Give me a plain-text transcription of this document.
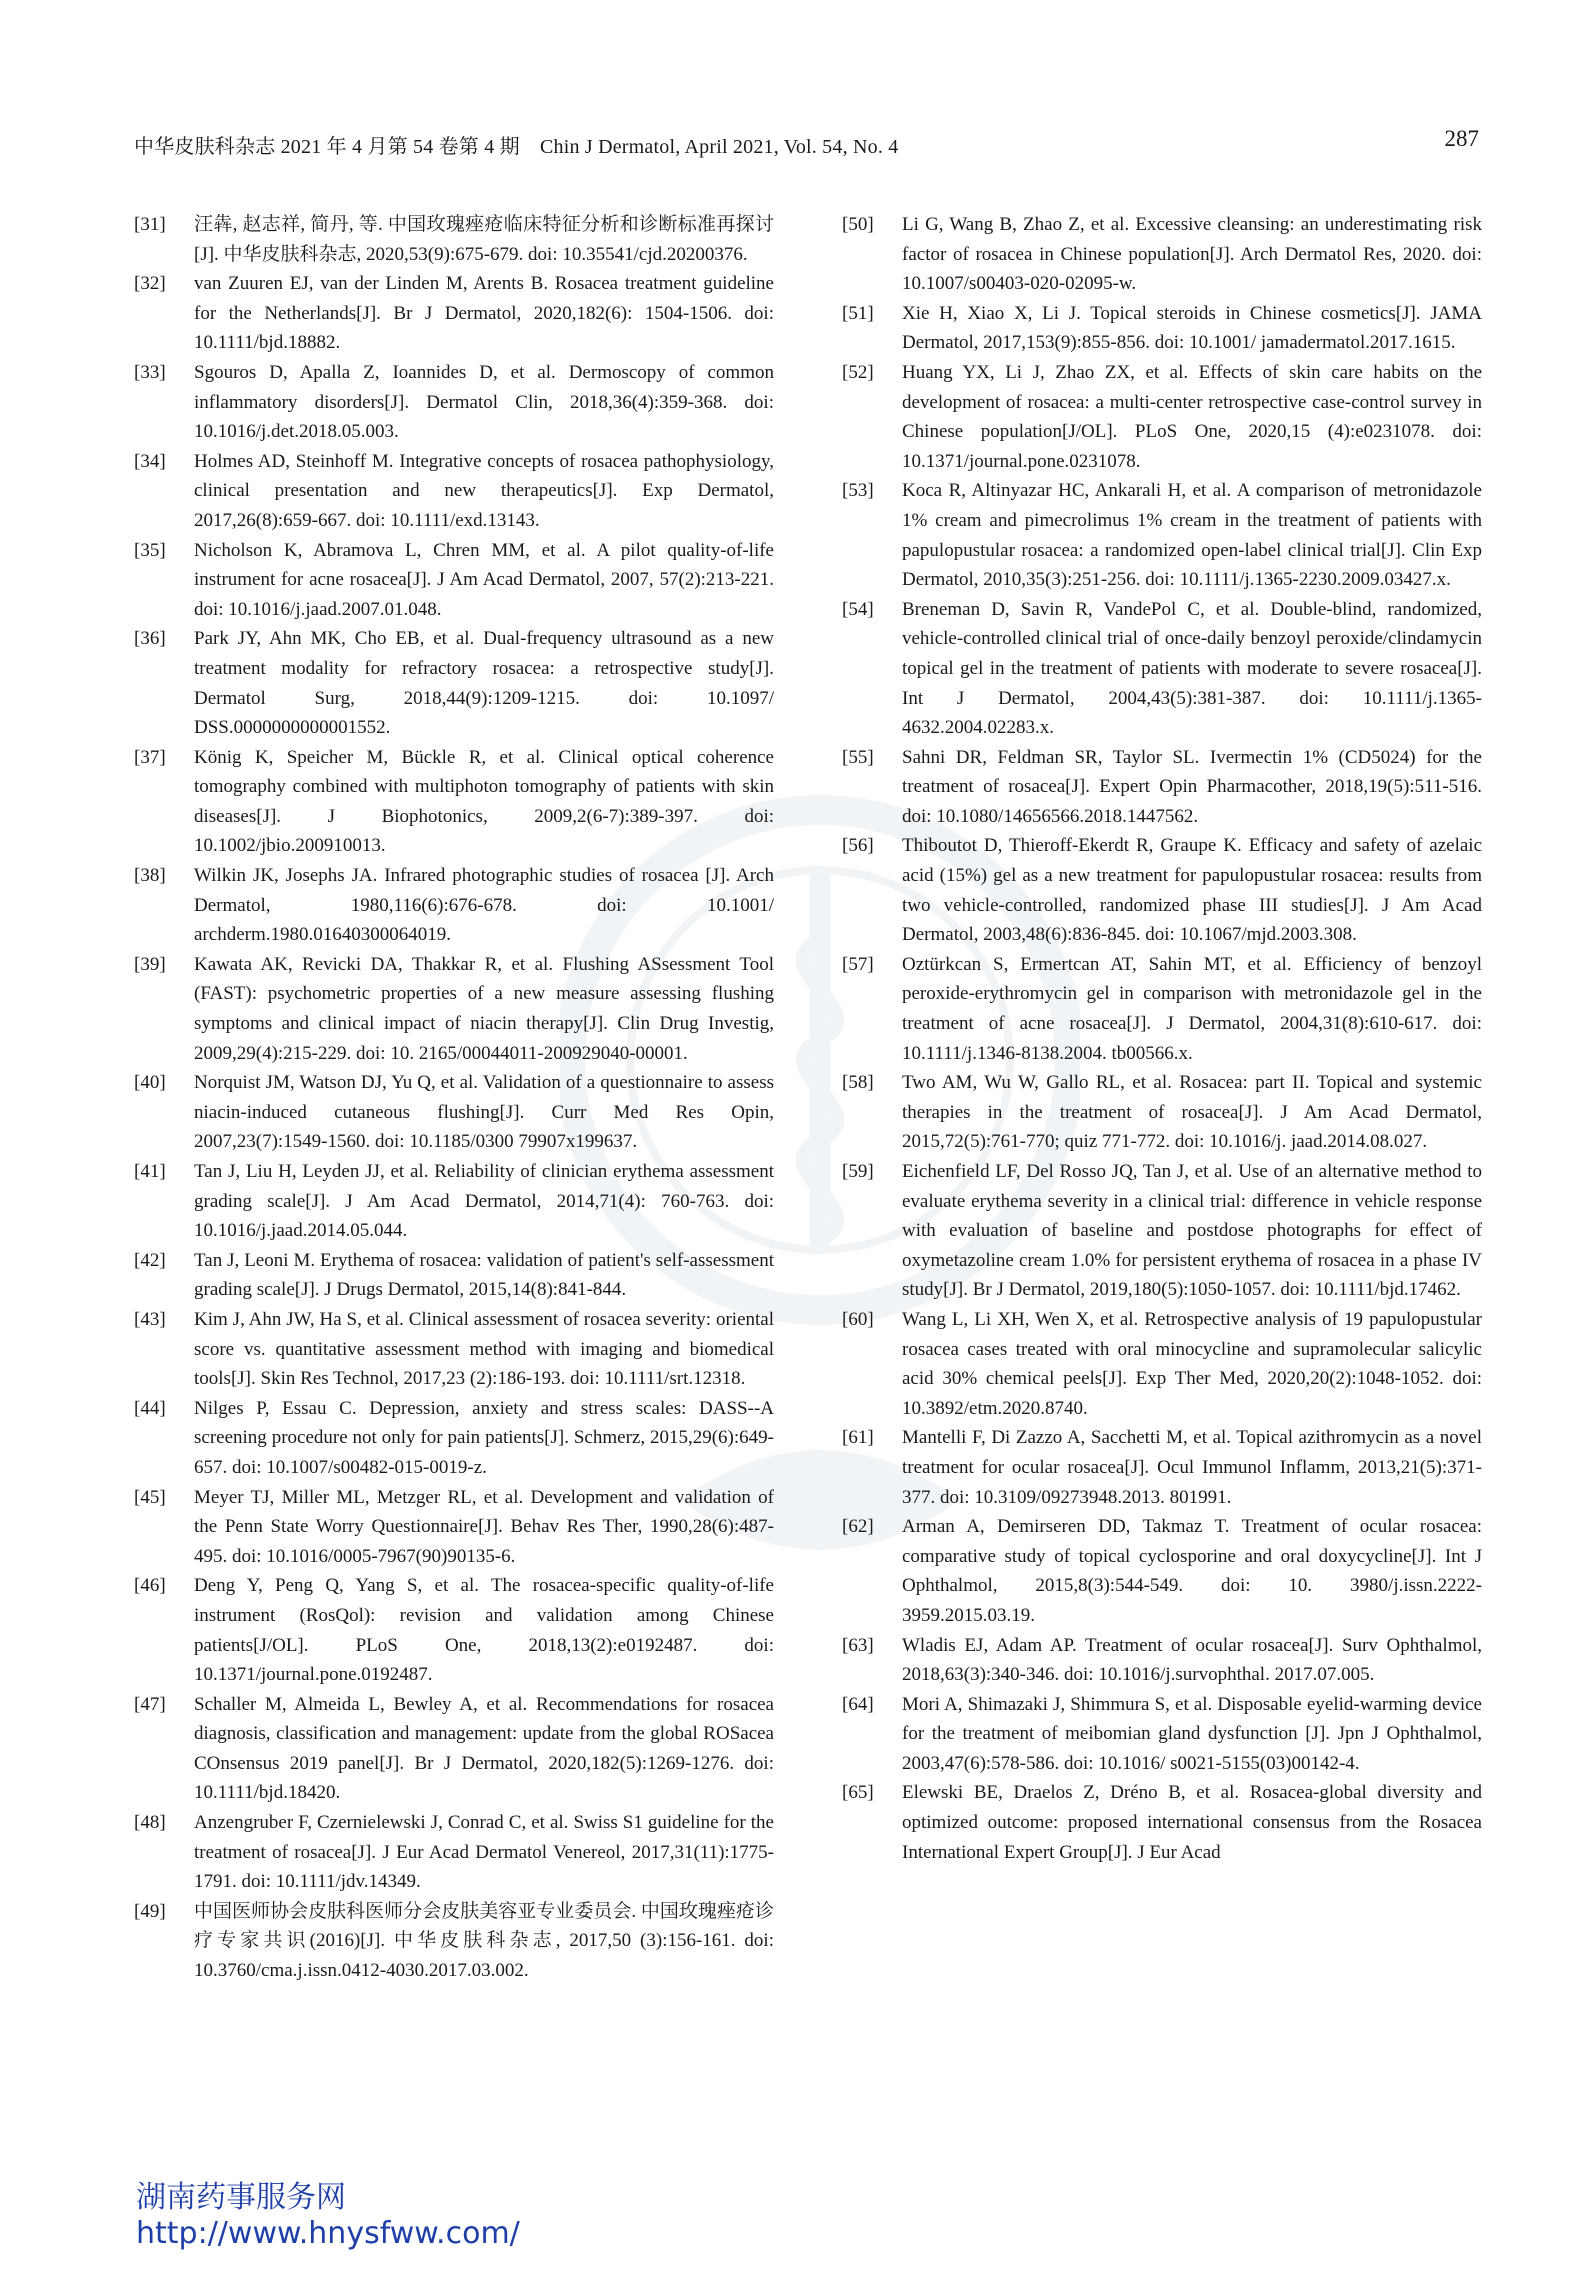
中华皮肤科杂志 2021 年 4 月第 54 卷第 4 期　Chin J Dermatol, April 2021, Vol. 54, No. 4	287
[31]	汪犇, 赵志祥, 简丹, 等. 中国玫瑰痤疮临床特征分析和诊断标准再探讨[J]. 中华皮肤科杂志, 2020,53(9):675-679. doi: 10.35541/cjd.20200376.
[32]	van Zuuren EJ, van der Linden M, Arents B. Rosacea treatment guideline for the Netherlands[J]. Br J Dermatol, 2020,182(6): 1504-1506. doi: 10.1111/bjd.18882.
[33]	Sgouros D, Apalla Z, Ioannides D, et al. Dermoscopy of common inflammatory disorders[J]. Dermatol Clin, 2018,36(4):359-368. doi: 10.1016/j.det.2018.05.003.
[34]	Holmes AD, Steinhoff M. Integrative concepts of rosacea pathophysiology, clinical presentation and new therapeutics[J]. Exp Dermatol, 2017,26(8):659-667. doi: 10.1111/exd.13143.
[35]	Nicholson K, Abramova L, Chren MM, et al. A pilot quality-of-life instrument for acne rosacea[J]. J Am Acad Dermatol, 2007, 57(2):213-221. doi: 10.1016/j.jaad.2007.01.048.
[36]	Park JY, Ahn MK, Cho EB, et al. Dual-frequency ultrasound as a new treatment modality for refractory rosacea: a retrospective study[J]. Dermatol Surg, 2018,44(9):1209-1215. doi: 10.1097/ DSS.0000000000001552.
[37]	König K, Speicher M, Bückle R, et al. Clinical optical coherence tomography combined with multiphoton tomography of patients with skin diseases[J]. J Biophotonics, 2009,2(6-7):389-397. doi: 10.1002/jbio.200910013.
[38]	Wilkin JK, Josephs JA. Infrared photographic studies of rosacea [J]. Arch Dermatol, 1980,116(6):676-678. doi: 10.1001/ archderm.1980.01640300064019.
[39]	Kawata AK, Revicki DA, Thakkar R, et al. Flushing ASsessment Tool (FAST): psychometric properties of a new measure assessing flushing symptoms and clinical impact of niacin therapy[J]. Clin Drug Investig, 2009,29(4):215-229. doi: 10. 2165/00044011-200929040-00001.
[40]	Norquist JM, Watson DJ, Yu Q, et al. Validation of a questionnaire to assess niacin-induced cutaneous flushing[J]. Curr Med Res Opin, 2007,23(7):1549-1560. doi: 10.1185/0300 79907x199637.
[41]	Tan J, Liu H, Leyden JJ, et al. Reliability of clinician erythema assessment grading scale[J]. J Am Acad Dermatol, 2014,71(4): 760-763. doi: 10.1016/j.jaad.2014.05.044.
[42]	Tan J, Leoni M. Erythema of rosacea: validation of patient's self-assessment grading scale[J]. J Drugs Dermatol, 2015,14(8):841-844.
[43]	Kim J, Ahn JW, Ha S, et al. Clinical assessment of rosacea severity: oriental score vs. quantitative assessment method with imaging and biomedical tools[J]. Skin Res Technol, 2017,23 (2):186-193. doi: 10.1111/srt.12318.
[44]	Nilges P, Essau C. Depression, anxiety and stress scales: DASS--A screening procedure not only for pain patients[J]. Schmerz, 2015,29(6):649-657. doi: 10.1007/s00482-015-0019-z.
[45]	Meyer TJ, Miller ML, Metzger RL, et al. Development and validation of the Penn State Worry Questionnaire[J]. Behav Res Ther, 1990,28(6):487-495. doi: 10.1016/0005-7967(90)90135-6.
[46]	Deng Y, Peng Q, Yang S, et al. The rosacea-specific quality-of-life instrument (RosQol): revision and validation among Chinese patients[J/OL]. PLoS One, 2018,13(2):e0192487. doi: 10.1371/journal.pone.0192487.
[47]	Schaller M, Almeida L, Bewley A, et al. Recommendations for rosacea diagnosis, classification and management: update from the global ROSacea COnsensus 2019 panel[J]. Br J Dermatol, 2020,182(5):1269-1276. doi: 10.1111/bjd.18420.
[48]	Anzengruber F, Czernielewski J, Conrad C, et al. Swiss S1 guideline for the treatment of rosacea[J]. J Eur Acad Dermatol Venereol, 2017,31(11):1775-1791. doi: 10.1111/jdv.14349.
[49]	中国医师协会皮肤科医师分会皮肤美容亚专业委员会. 中国玫瑰痤疮诊疗专家共识(2016)[J]. 中华皮肤科杂志, 2017,50 (3):156-161. doi: 10.3760/cma.j.issn.0412-4030.2017.03.002.
[50]	Li G, Wang B, Zhao Z, et al. Excessive cleansing: an underestimating risk factor of rosacea in Chinese population[J]. Arch Dermatol Res, 2020. doi: 10.1007/s00403-020-02095-w.
[51]	Xie H, Xiao X, Li J. Topical steroids in Chinese cosmetics[J]. JAMA Dermatol, 2017,153(9):855-856. doi: 10.1001/ jamadermatol.2017.1615.
[52]	Huang YX, Li J, Zhao ZX, et al. Effects of skin care habits on the development of rosacea: a multi-center retrospective case-control survey in Chinese population[J/OL]. PLoS One, 2020,15 (4):e0231078. doi: 10.1371/journal.pone.0231078.
[53]	Koca R, Altinyazar HC, Ankarali H, et al. A comparison of metronidazole 1% cream and pimecrolimus 1% cream in the treatment of patients with papulopustular rosacea: a randomized open-label clinical trial[J]. Clin Exp Dermatol, 2010,35(3):251-256. doi: 10.1111/j.1365-2230.2009.03427.x.
[54]	Breneman D, Savin R, VandePol C, et al. Double-blind, randomized, vehicle-controlled clinical trial of once-daily benzoyl peroxide/clindamycin topical gel in the treatment of patients with moderate to severe rosacea[J]. Int J Dermatol, 2004,43(5):381-387. doi: 10.1111/j.1365-4632.2004.02283.x.
[55]	Sahni DR, Feldman SR, Taylor SL. Ivermectin 1% (CD5024) for the treatment of rosacea[J]. Expert Opin Pharmacother, 2018,19(5):511-516. doi: 10.1080/14656566.2018.1447562.
[56]	Thiboutot D, Thieroff-Ekerdt R, Graupe K. Efficacy and safety of azelaic acid (15%) gel as a new treatment for papulopustular rosacea: results from two vehicle-controlled, randomized phase III studies[J]. J Am Acad Dermatol, 2003,48(6):836-845. doi: 10.1067/mjd.2003.308.
[57]	Oztürkcan S, Ermertcan AT, Sahin MT, et al. Efficiency of benzoyl peroxide-erythromycin gel in comparison with metronidazole gel in the treatment of acne rosacea[J]. J Dermatol, 2004,31(8):610-617. doi: 10.1111/j.1346-8138.2004. tb00566.x.
[58]	Two AM, Wu W, Gallo RL, et al. Rosacea: part II. Topical and systemic therapies in the treatment of rosacea[J]. J Am Acad Dermatol, 2015,72(5):761-770; quiz 771-772. doi: 10.1016/j. jaad.2014.08.027.
[59]	Eichenfield LF, Del Rosso JQ, Tan J, et al. Use of an alternative method to evaluate erythema severity in a clinical trial: difference in vehicle response with evaluation of baseline and postdose photographs for effect of oxymetazoline cream 1.0% for persistent erythema of rosacea in a phase IV study[J]. Br J Dermatol, 2019,180(5):1050-1057. doi: 10.1111/bjd.17462.
[60]	Wang L, Li XH, Wen X, et al. Retrospective analysis of 19 papulopustular rosacea cases treated with oral minocycline and supramolecular salicylic acid 30% chemical peels[J]. Exp Ther Med, 2020,20(2):1048-1052. doi: 10.3892/etm.2020.8740.
[61]	Mantelli F, Di Zazzo A, Sacchetti M, et al. Topical azithromycin as a novel treatment for ocular rosacea[J]. Ocul Immunol Inflamm, 2013,21(5):371-377. doi: 10.3109/09273948.2013. 801991.
[62]	Arman A, Demirseren DD, Takmaz T. Treatment of ocular rosacea: comparative study of topical cyclosporine and oral doxycycline[J]. Int J Ophthalmol, 2015,8(3):544-549. doi: 10. 3980/j.issn.2222-3959.2015.03.19.
[63]	Wladis EJ, Adam AP. Treatment of ocular rosacea[J]. Surv Ophthalmol, 2018,63(3):340-346. doi: 10.1016/j.survophthal. 2017.07.005.
[64]	Mori A, Shimazaki J, Shimmura S, et al. Disposable eyelid-warming device for the treatment of meibomian gland dysfunction [J]. Jpn J Ophthalmol, 2003,47(6):578-586. doi: 10.1016/ s0021-5155(03)00142-4.
[65]	Elewski BE, Draelos Z, Dréno B, et al. Rosacea-global diversity and optimized outcome: proposed international consensus from the Rosacea International Expert Group[J]. J Eur Acad
湖南药事服务网
http://www.hnysfww.com/
